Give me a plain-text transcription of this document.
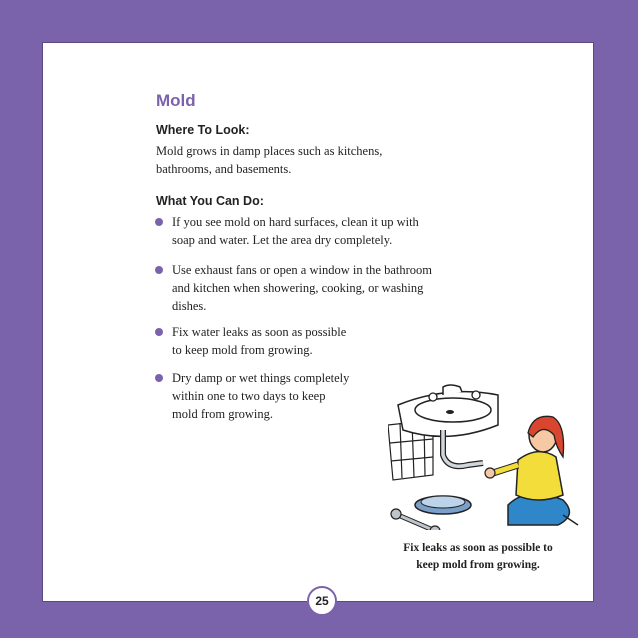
Mold
Where To Look:
Mold grows in damp places such as kitchens,
bathrooms, and basements.
What You Can Do:
If you see mold on hard surfaces, clean it up with
soap and water. Let the area dry completely.
Use exhaust fans or open a window in the bathroom
and kitchen when showering, cooking, or washing
dishes.
Fix water leaks as soon as possible
to keep mold from growing.
Dry damp or wet things completely
within one to two days to keep
mold from growing.
Fix leaks as soon as possible to
keep mold from growing.
25
